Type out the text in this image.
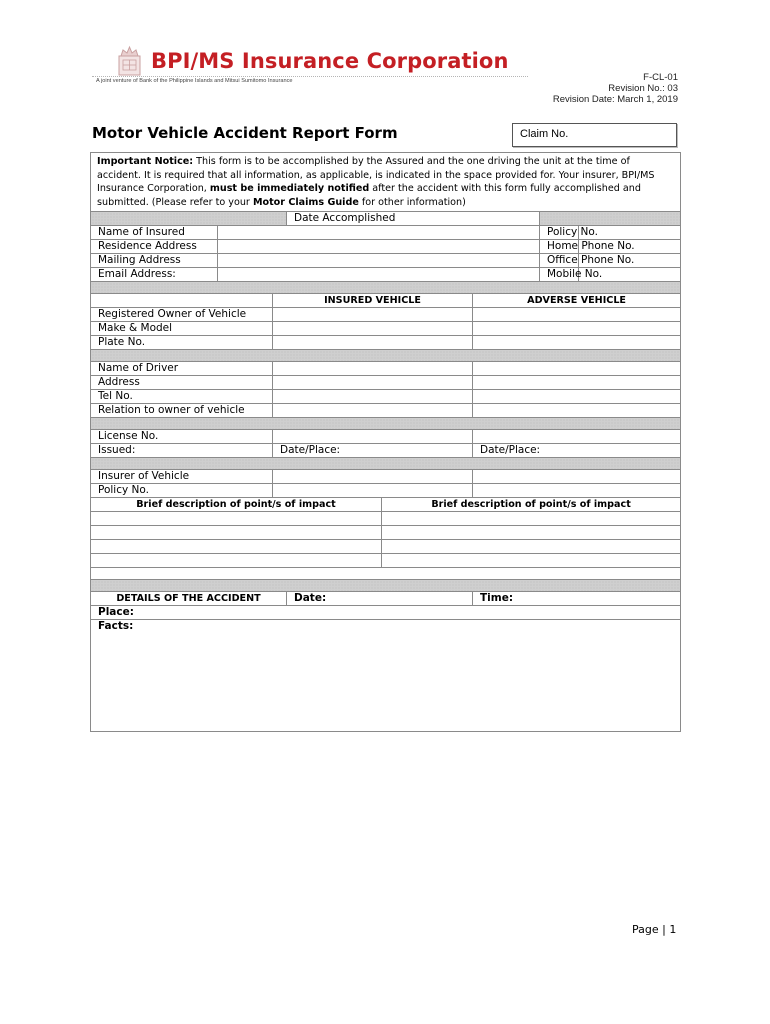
BPI/MS Insurance Corporation
A joint venture of Bank of the Philippine Islands and Mitsui Sumitomo Insurance	F-CL-01
Revision No.: 03
Revision Date: March 1, 2019
Motor Vehicle Accident Report Form	Claim No.
Important Notice: This form is to be accomplished by the Assured and the one driving the unit at the time of accident. It is required that all information, as applicable, is indicated in the space provided for. Your insurer, BPI/MS Insurance Corporation, must be immediately notified after the accident with this form fully accomplished and submitted. (Please refer to your Motor Claims Guide for other information)							
			Date Accomplished				
Name of Insured						Policy No.	
Residence Address						Home Phone No.	
Mailing Address						Office Phone No.	
Email Address:						Mobile No.	

		INSURED VEHICLE			ADVERSE VEHICLE		
Registered Owner of Vehicle							
Make & Model							
Plate No.							

Name of Driver							
Address							
Tel No.							
Relation to owner of vehicle							

License No.							
Issued:		Date/Place:			Date/Place:		

Insurer of Vehicle							
Policy No.							
Brief description of point/s of impact				Brief description of point/s of impact			

DETAILS OF THE ACCIDENT			Date:		Time:		
Place:							
Facts:							
Page | 1
